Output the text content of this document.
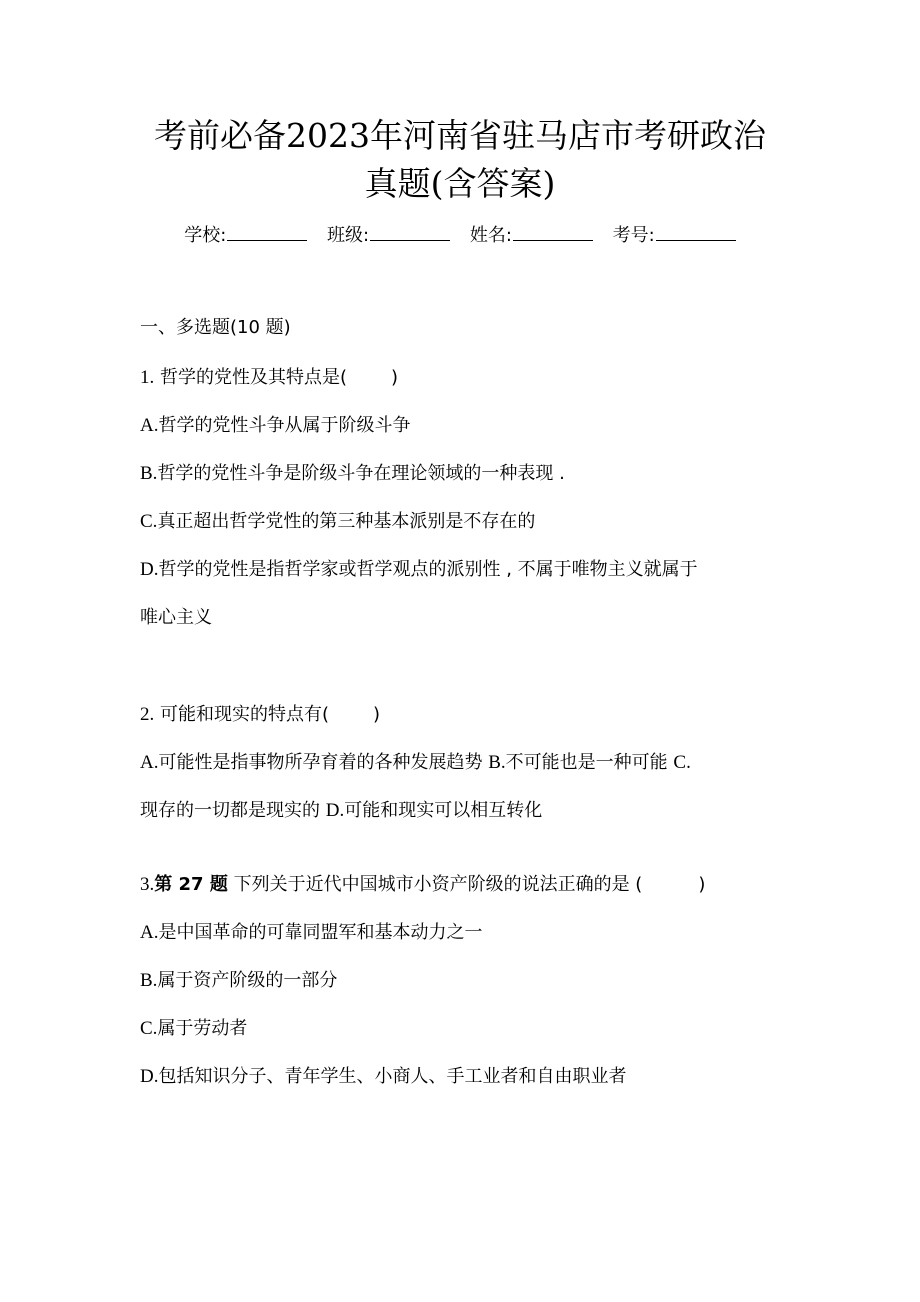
考前必备2023年河南省驻马店市考研政治
真题(含答案)
学校:	班级:	姓名:	考号:
一、多选题(10 题)
1. 哲学的党性及其特点是( )
A.哲学的党性斗争从属于阶级斗争
B.哲学的党性斗争是阶级斗争在理论领域的一种表现 .
C.真正超出哲学党性的第三种基本派别是不存在的
D.哲学的党性是指哲学家或哲学观点的派别性 , 不属于唯物主义就属于
唯心主义
2. 可能和现实的特点有( )
A.可能性是指事物所孕育着的各种发展趋势 B.不可能也是一种可能 C.
现存的一切都是现实的 D.可能和现实可以相互转化
3.第 27 题 下列关于近代中国城市小资产阶级的说法正确的是 (	)
A.是中国革命的可靠同盟军和基本动力之一
B.属于资产阶级的一部分
C.属于劳动者
D.包括知识分子、青年学生、小商人、手工业者和自由职业者
